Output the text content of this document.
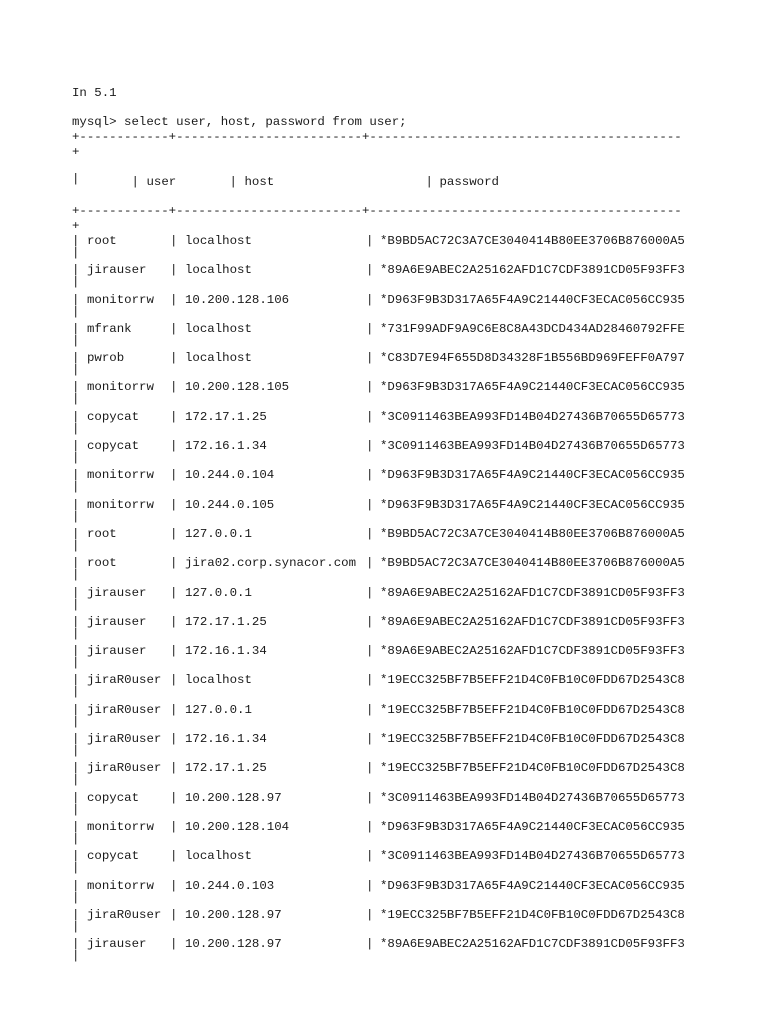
In 5.1
mysql> select user, host, password from user;
+------------+-------------------------+------------------------------------------
+

| user	| host	| password

|
+------------+-------------------------+------------------------------------------
+
| root	| localhost	| *B9BD5AC72C3A7CE3040414B80EE3706B876000A5
|
| jirauser | localhost	| *89A6E9ABEC2A25162AFD1C7CDF3891CD05F93FF3
|
| monitorrw | 10.200.128.106	| *D963F9B3D317A65F4A9C21440CF3ECAC056CC935
|
| mfrank	| localhost	| *731F99ADF9A9C6E8C8A43DCD434AD28460792FFE
|
| pwrob	| localhost	| *C83D7E94F655D8D34328F1B556BD969FEFF0A797
|
| monitorrw | 10.200.128.105	| *D963F9B3D317A65F4A9C21440CF3ECAC056CC935
|
| copycat | 172.17.1.25	| *3C0911463BEA993FD14B04D27436B70655D65773
|
| copycat | 172.16.1.34	| *3C0911463BEA993FD14B04D27436B70655D65773
|
| monitorrw | 10.244.0.104	| *D963F9B3D317A65F4A9C21440CF3ECAC056CC935
|
| monitorrw | 10.244.0.105	| *D963F9B3D317A65F4A9C21440CF3ECAC056CC935
|
| root	| 127.0.0.1	| *B9BD5AC72C3A7CE3040414B80EE3706B876000A5
|
| root	| jira02.corp.synacor.com | *B9BD5AC72C3A7CE3040414B80EE3706B876000A5
|
| jirauser | 127.0.0.1	| *89A6E9ABEC2A25162AFD1C7CDF3891CD05F93FF3
|
| jirauser | 172.17.1.25	| *89A6E9ABEC2A25162AFD1C7CDF3891CD05F93FF3
|
| jirauser | 172.16.1.34	| *89A6E9ABEC2A25162AFD1C7CDF3891CD05F93FF3
|
| jiraR0user | localhost	| *19ECC325BF7B5EFF21D4C0FB10C0FDD67D2543C8
|
| jiraR0user | 127.0.0.1	| *19ECC325BF7B5EFF21D4C0FB10C0FDD67D2543C8
|
| jiraR0user | 172.16.1.34	| *19ECC325BF7B5EFF21D4C0FB10C0FDD67D2543C8
|
| jiraR0user | 172.17.1.25	| *19ECC325BF7B5EFF21D4C0FB10C0FDD67D2543C8
|
| copycat | 10.200.128.97	| *3C0911463BEA993FD14B04D27436B70655D65773
|
| monitorrw | 10.200.128.104	| *D963F9B3D317A65F4A9C21440CF3ECAC056CC935
|
| copycat | localhost	| *3C0911463BEA993FD14B04D27436B70655D65773
|
| monitorrw | 10.244.0.103	| *D963F9B3D317A65F4A9C21440CF3ECAC056CC935
|
| jiraR0user | 10.200.128.97	| *19ECC325BF7B5EFF21D4C0FB10C0FDD67D2543C8
|
| jirauser | 10.200.128.97	| *89A6E9ABEC2A25162AFD1C7CDF3891CD05F93FF3
|
